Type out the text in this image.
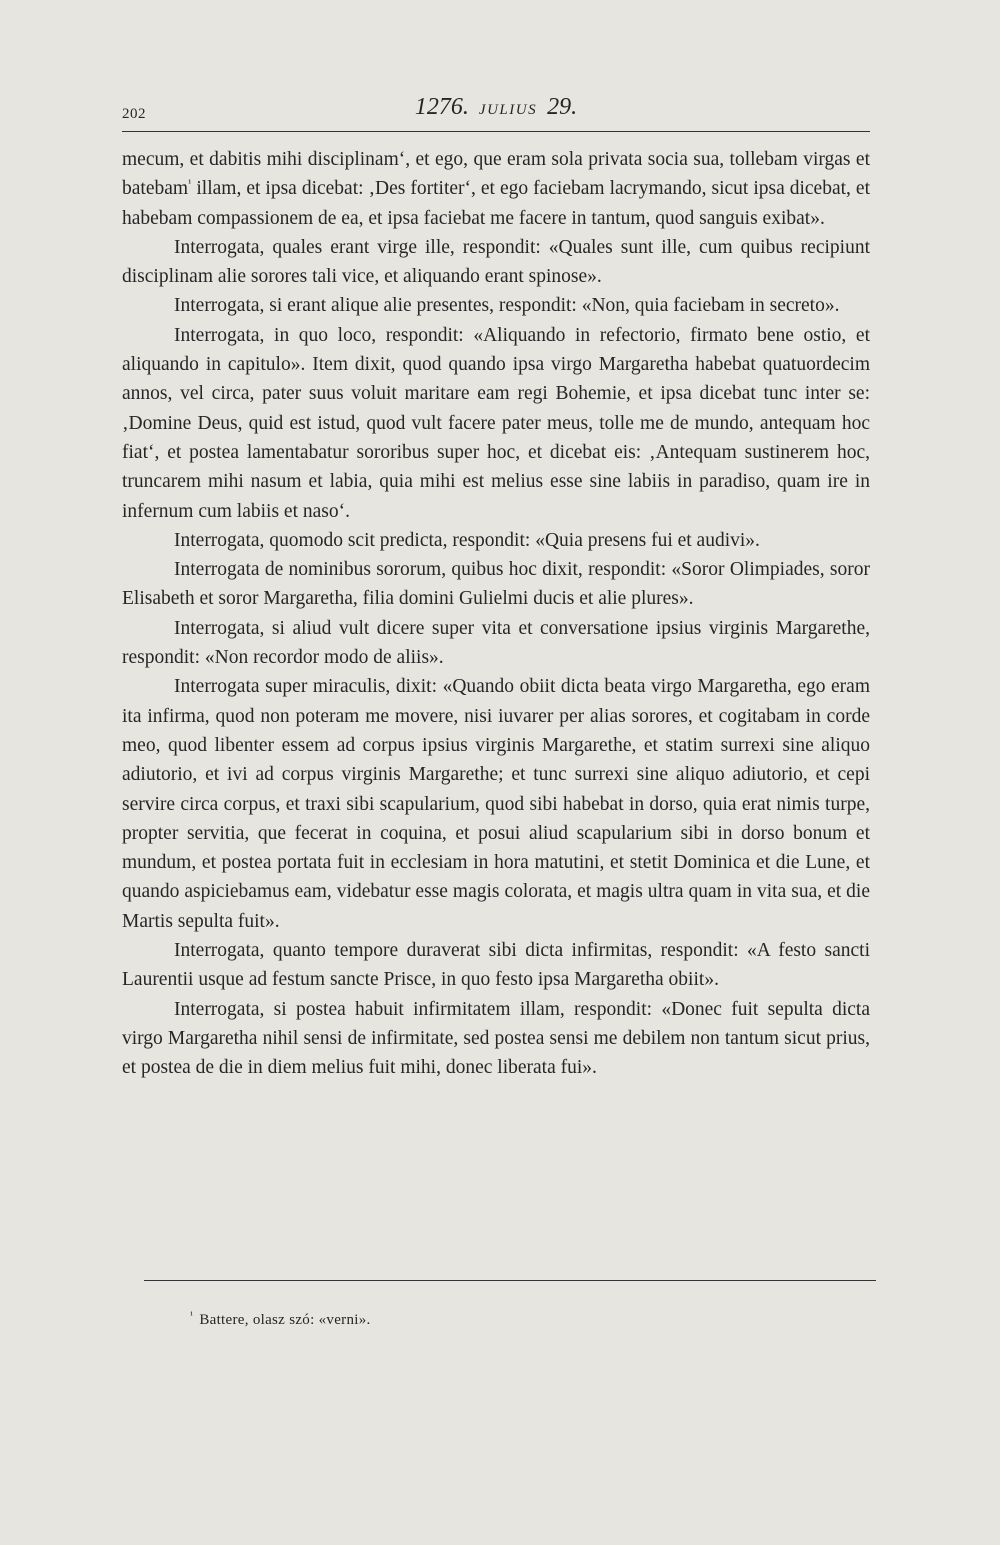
202	1276. JULIUS 29.

mecum, et dabitis mihi disciplinam‘, et ego, que eram sola privata socia sua, tollebam virgas et batebam$^{^1}$ illam, et ipsa dicebat: ‚Des fortiter‘, et ego faciebam lacrymando, sicut ipsa dicebat, et habebam compassionem de ea, et ipsa faciebat me facere in tantum, quod sanguis exibat».

Interrogata, quales erant virge ille, respondit: «Quales sunt ille, cum quibus recipiunt disciplinam alie sorores tali vice, et aliquando erant spinose».

Interrogata, si erant alique alie presentes, respondit: «Non, quia faciebam in secreto».

Interrogata, in quo loco, respondit: «Aliquando in refectorio, firmato bene ostio, et aliquando in capitulo». Item dixit, quod quando ipsa virgo Margaretha habebat quatuordecim annos, vel circa, pater suus voluit maritare eam regi Bohemie, et ipsa dicebat tunc inter se: ‚Domine Deus, quid est istud, quod vult facere pater meus, tolle me de mundo, antequam hoc fiat‘, et postea lamentabatur sororibus super hoc, et dicebat eis: ‚Antequam sustinerem hoc, truncarem mihi nasum et labia, quia mihi est melius esse sine labiis in paradiso, quam ire in infernum cum labiis et naso‘.

Interrogata, quomodo scit predicta, respondit: «Quia presens fui et audivi».

Interrogata de nominibus sororum, quibus hoc dixit, respondit: «Soror Olimpiades, soror Elisabeth et soror Margaretha, filia domini Gulielmi ducis et alie plures».

Interrogata, si aliud vult dicere super vita et conversatione ipsius virginis Margarethe, respondit: «Non recordor modo de aliis».

Interrogata super miraculis, dixit: «Quando obiit dicta beata virgo Margaretha, ego eram ita infirma, quod non poteram me movere, nisi iuvarer per alias sorores, et cogitabam in corde meo, quod libenter essem ad corpus ipsius virginis Margarethe, et statim surrexi sine aliquo adiutorio, et ivi ad corpus virginis Margarethe; et tunc surrexi sine aliquo adiutorio, et cepi servire circa corpus, et traxi sibi scapularium, quod sibi habebat in dorso, quia erat nimis turpe, propter servitia, que fecerat in coquina, et posui aliud scapularium sibi in dorso bonum et mundum, et postea portata fuit in ecclesiam in hora matutini, et stetit Dominica et die Lune, et quando aspiciebamus eam, videbatur esse magis colorata, et magis ultra quam in vita sua, et die Martis sepulta fuit».

Interrogata, quanto tempore duraverat sibi dicta infirmitas, respondit: «A festo sancti Laurentii usque ad festum sancte Prisce, in quo festo ipsa Margaretha obiit».

Interrogata, si postea habuit infirmitatem illam, respondit: «Donec fuit sepulta dicta virgo Margaretha nihil sensi de infirmitate, sed postea sensi me debilem non tantum sicut prius, et postea de die in diem melius fuit mihi, donec liberata fui».

$^{^1}$ Battere, olasz szó: «verni».
